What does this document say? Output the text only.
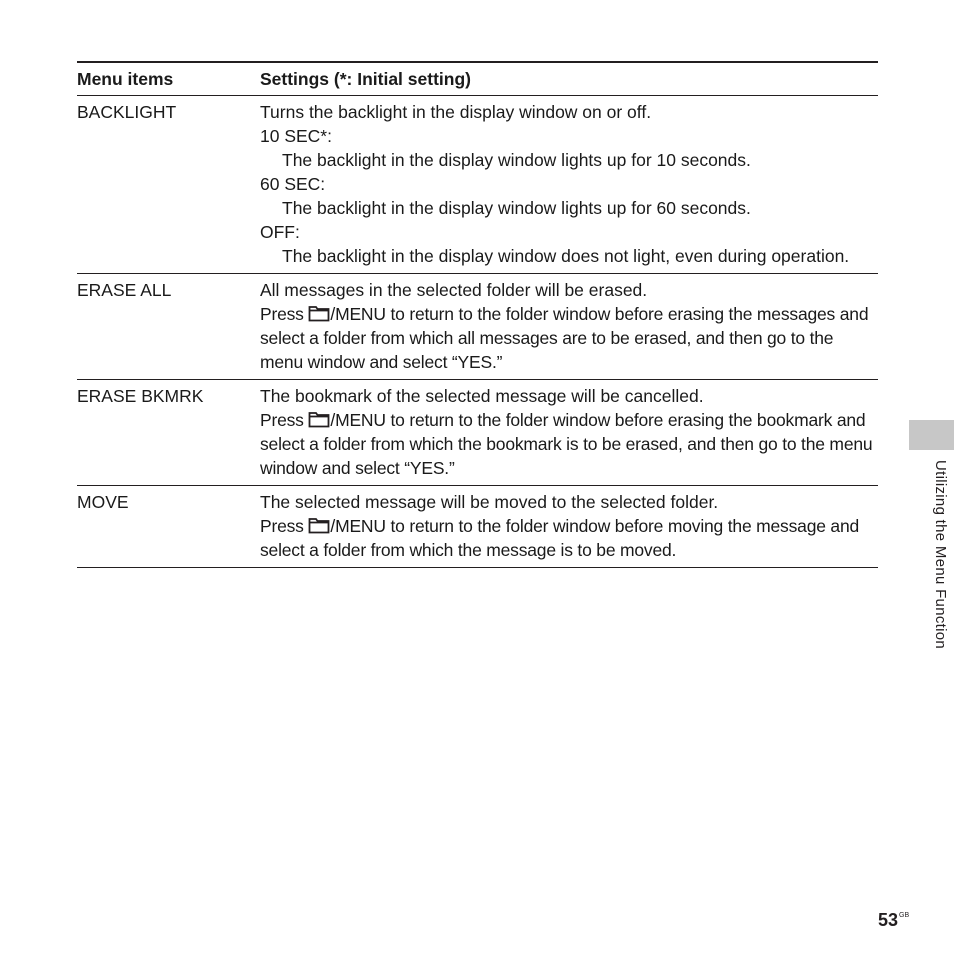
Menu items	Settings (*: Initial setting)
BACKLIGHT	Turns the backlight in the display window on or off.
10 SEC*:
The backlight in the display window lights up for 10 seconds.
60 SEC:
The backlight in the display window lights up for 60 seconds.
OFF:
The backlight in the display window does not light, even during operation.
ERASE ALL	All messages in the selected folder will be erased.
Press /MENU to return to the folder window before erasing the messages and select a folder from which all messages are to be erased, and then go to the menu window and select “YES.”
ERASE BKMRK	The bookmark of the selected message will be cancelled.
Press /MENU to return to the folder window before erasing the bookmark and select a folder from which the bookmark is to be erased, and then go to the menu window and select “YES.”
MOVE	The selected message will be moved to the selected folder.
Press /MENU to return to the folder window before moving the message and select a folder from which the message is to be moved.	Utilizing the Menu Function
$53^{GB}$
